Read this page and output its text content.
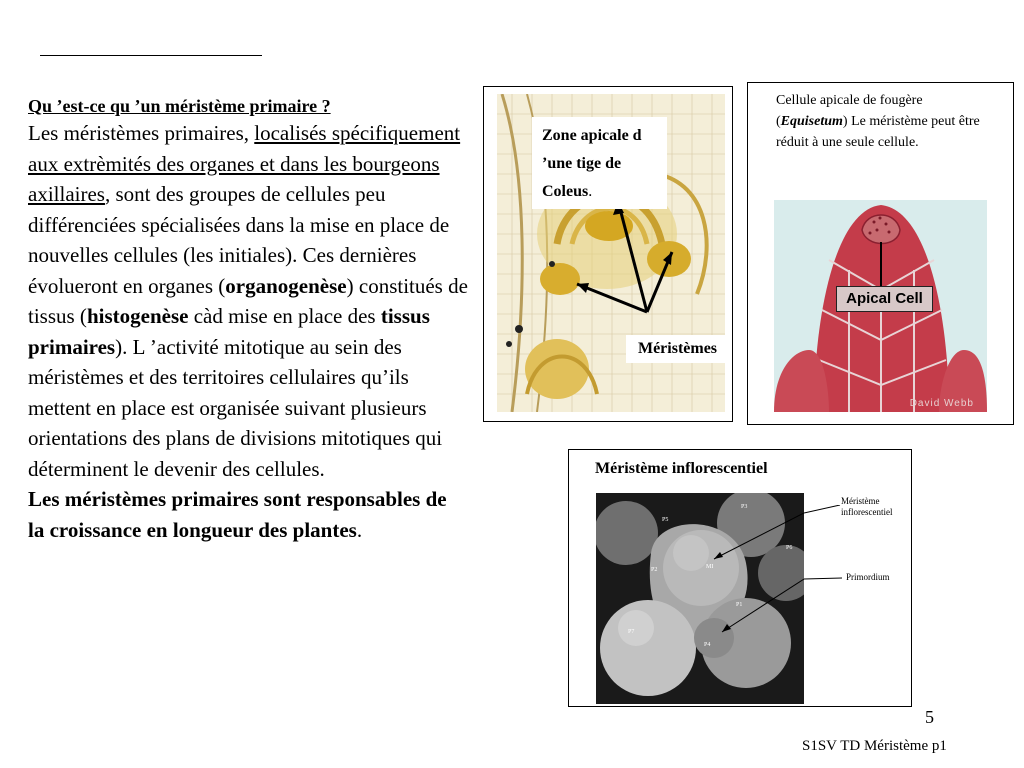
Qu ’est-ce qu ’un méristème primaire ?
Les méristèmes primaires, localisés spécifiquement aux extrèmités des organes et dans les bourgeons axillaires, sont des groupes de cellules peu différenciées spécialisées dans la mise en place de nouvelles cellules (les initiales). Ces dernières évolueront en organes (organogenèse) constitués de tissus (histogenèse càd mise en place des tissus primaires). L ’activité mitotique au sein des méristèmes et des territoires cellulaires qu’ils mettent en place est organisée suivant plusieurs orientations des plans de divisions mitotiques qui déterminent le devenir des cellules.
Les méristèmes primaires sont responsables de la croissance en longueur des plantes.
Zone apicale d ’une tige de Coleus.
Méristèmes
Cellule apicale de fougère (Equisetum) Le méristème peut être réduit à une seule cellule.
Apical Cell
David Webb
Méristème inflorescentiel
P5
P3
P6
MI
P2
P1
P7
P4
Méristème inflorescentiel
Primordium
5
S1SV TD Méristème p1
